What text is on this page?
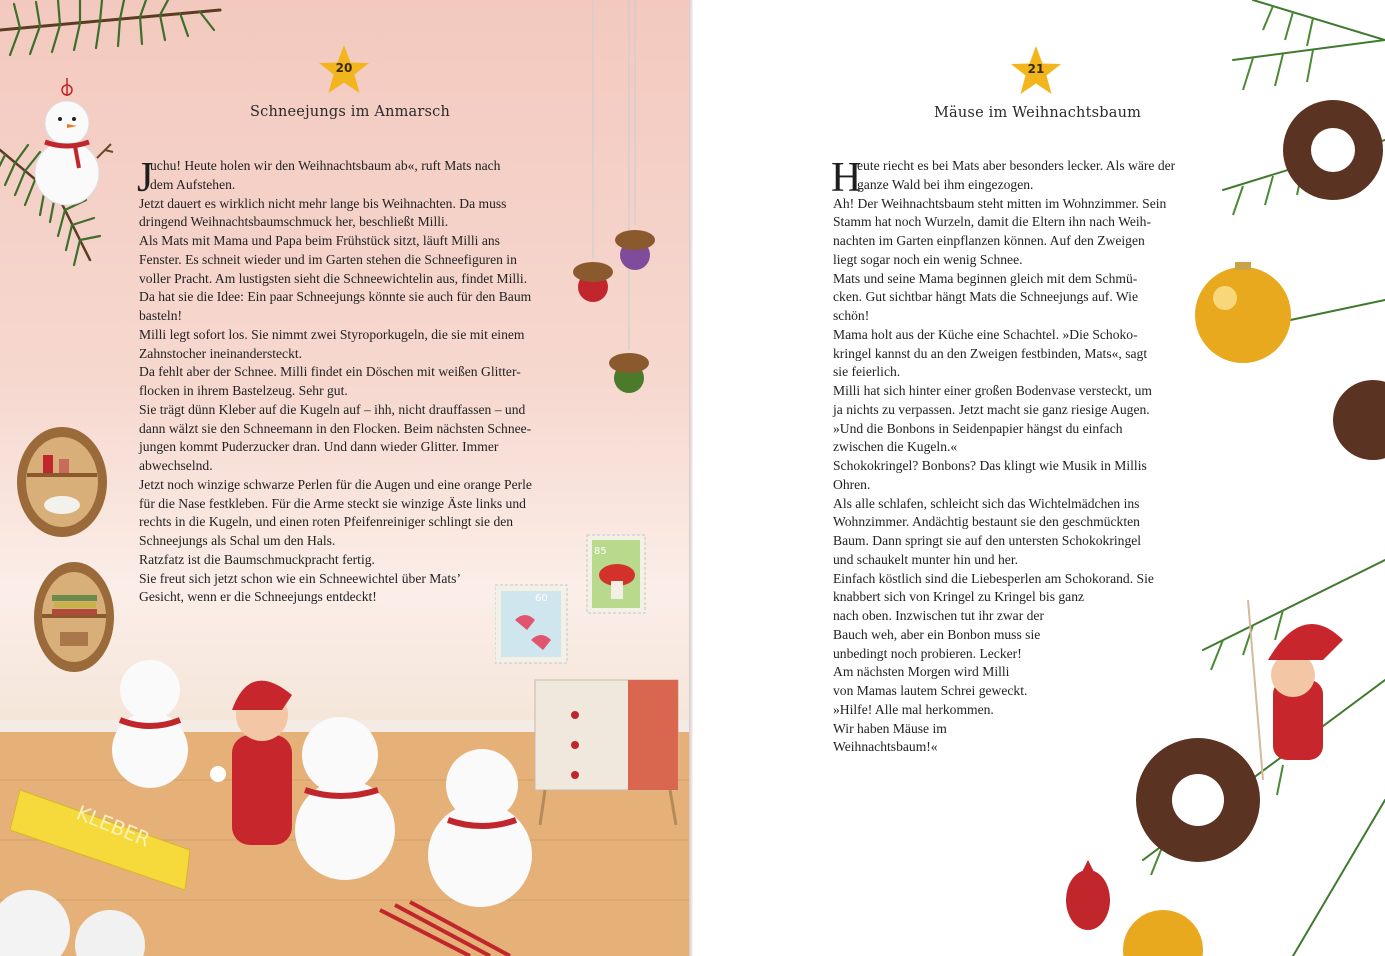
20
Schneejungs im Anmarsch
J
uchu! Heute holen wir den Weihnachtsbaum ab«, ruft Mats nach
dem Aufstehen.
Jetzt dauert es wirklich nicht mehr lange bis Weihnachten. Da muss
dringend Weihnachtsbaumschmuck her, beschließt Milli.
Als Mats mit Mama und Papa beim Frühstück sitzt, läuft Milli ans
Fenster. Es schneit wieder und im Garten stehen die Schneefiguren in
voller Pracht. Am lustigsten sieht die Schneewichtelin aus, findet Milli.
Da hat sie die Idee: Ein paar Schneejungs könnte sie auch für den Baum
basteln!
Milli legt sofort los. Sie nimmt zwei Styroporkugeln, die sie mit einem
Zahnstocher ineinandersteckt.
Da fehlt aber der Schnee. Milli findet ein Döschen mit weißen Glitter-
flocken in ihrem Bastelzeug. Sehr gut.
Sie trägt dünn Kleber auf die Kugeln auf – ihh, nicht drauffassen – und
dann wälzt sie den Schneemann in den Flocken. Beim nächsten Schnee-
jungen kommt Puderzucker dran. Und dann wieder Glitter. Immer
abwechselnd.
Jetzt noch winzige schwarze Perlen für die Augen und eine orange Perle
für die Nase festkleben. Für die Arme steckt sie winzige Äste links und
rechts in die Kugeln, und einen roten Pfeifenreiniger schlingt sie den
Schneejungs als Schal um den Hals.
Ratzfatz ist die Baumschmuckpracht fertig.
Sie freut sich jetzt schon wie ein Schneewichtel über Mats’
Gesicht, wenn er die Schneejungs entdeckt!	60
85
KLEBER
21
Mäuse im Weihnachtsbaum
H
eute riecht es bei Mats aber besonders lecker. Als wäre der
ganze Wald bei ihm eingezogen.
Ah! Der Weihnachtsbaum steht mitten im Wohnzimmer. Sein
Stamm hat noch Wurzeln, damit die Eltern ihn nach Weih-
nachten im Garten einpflanzen können. Auf den Zweigen
liegt sogar noch ein wenig Schnee.
Mats und seine Mama beginnen gleich mit dem Schmü-
cken. Gut sichtbar hängt Mats die Schneejungs auf. Wie
schön!
Mama holt aus der Küche eine Schachtel. »Die Schoko-
kringel kannst du an den Zweigen festbinden, Mats«, sagt
sie feierlich.
Milli hat sich hinter einer großen Bodenvase versteckt, um
ja nichts zu verpassen. Jetzt macht sie ganz riesige Augen.
»Und die Bonbons in Seidenpapier hängst du einfach
zwischen die Kugeln.«
Schokokringel? Bonbons? Das klingt wie Musik in Millis
Ohren.
Als alle schlafen, schleicht sich das Wichtelmädchen ins
Wohnzimmer. Andächtig bestaunt sie den geschmückten
Baum. Dann springt sie auf den untersten Schokokringel
und schaukelt munter hin und her.
Einfach köstlich sind die Liebesperlen am Schokorand. Sie
knabbert sich von Kringel zu Kringel bis ganz
nach oben. Inzwischen tut ihr zwar der
Bauch weh, aber ein Bonbon muss sie
unbedingt noch probieren. Lecker!
Am nächsten Morgen wird Milli
von Mamas lautem Schrei geweckt.
»Hilfe! Alle mal herkommen.
Wir haben Mäuse im
Weihnachtsbaum!«
